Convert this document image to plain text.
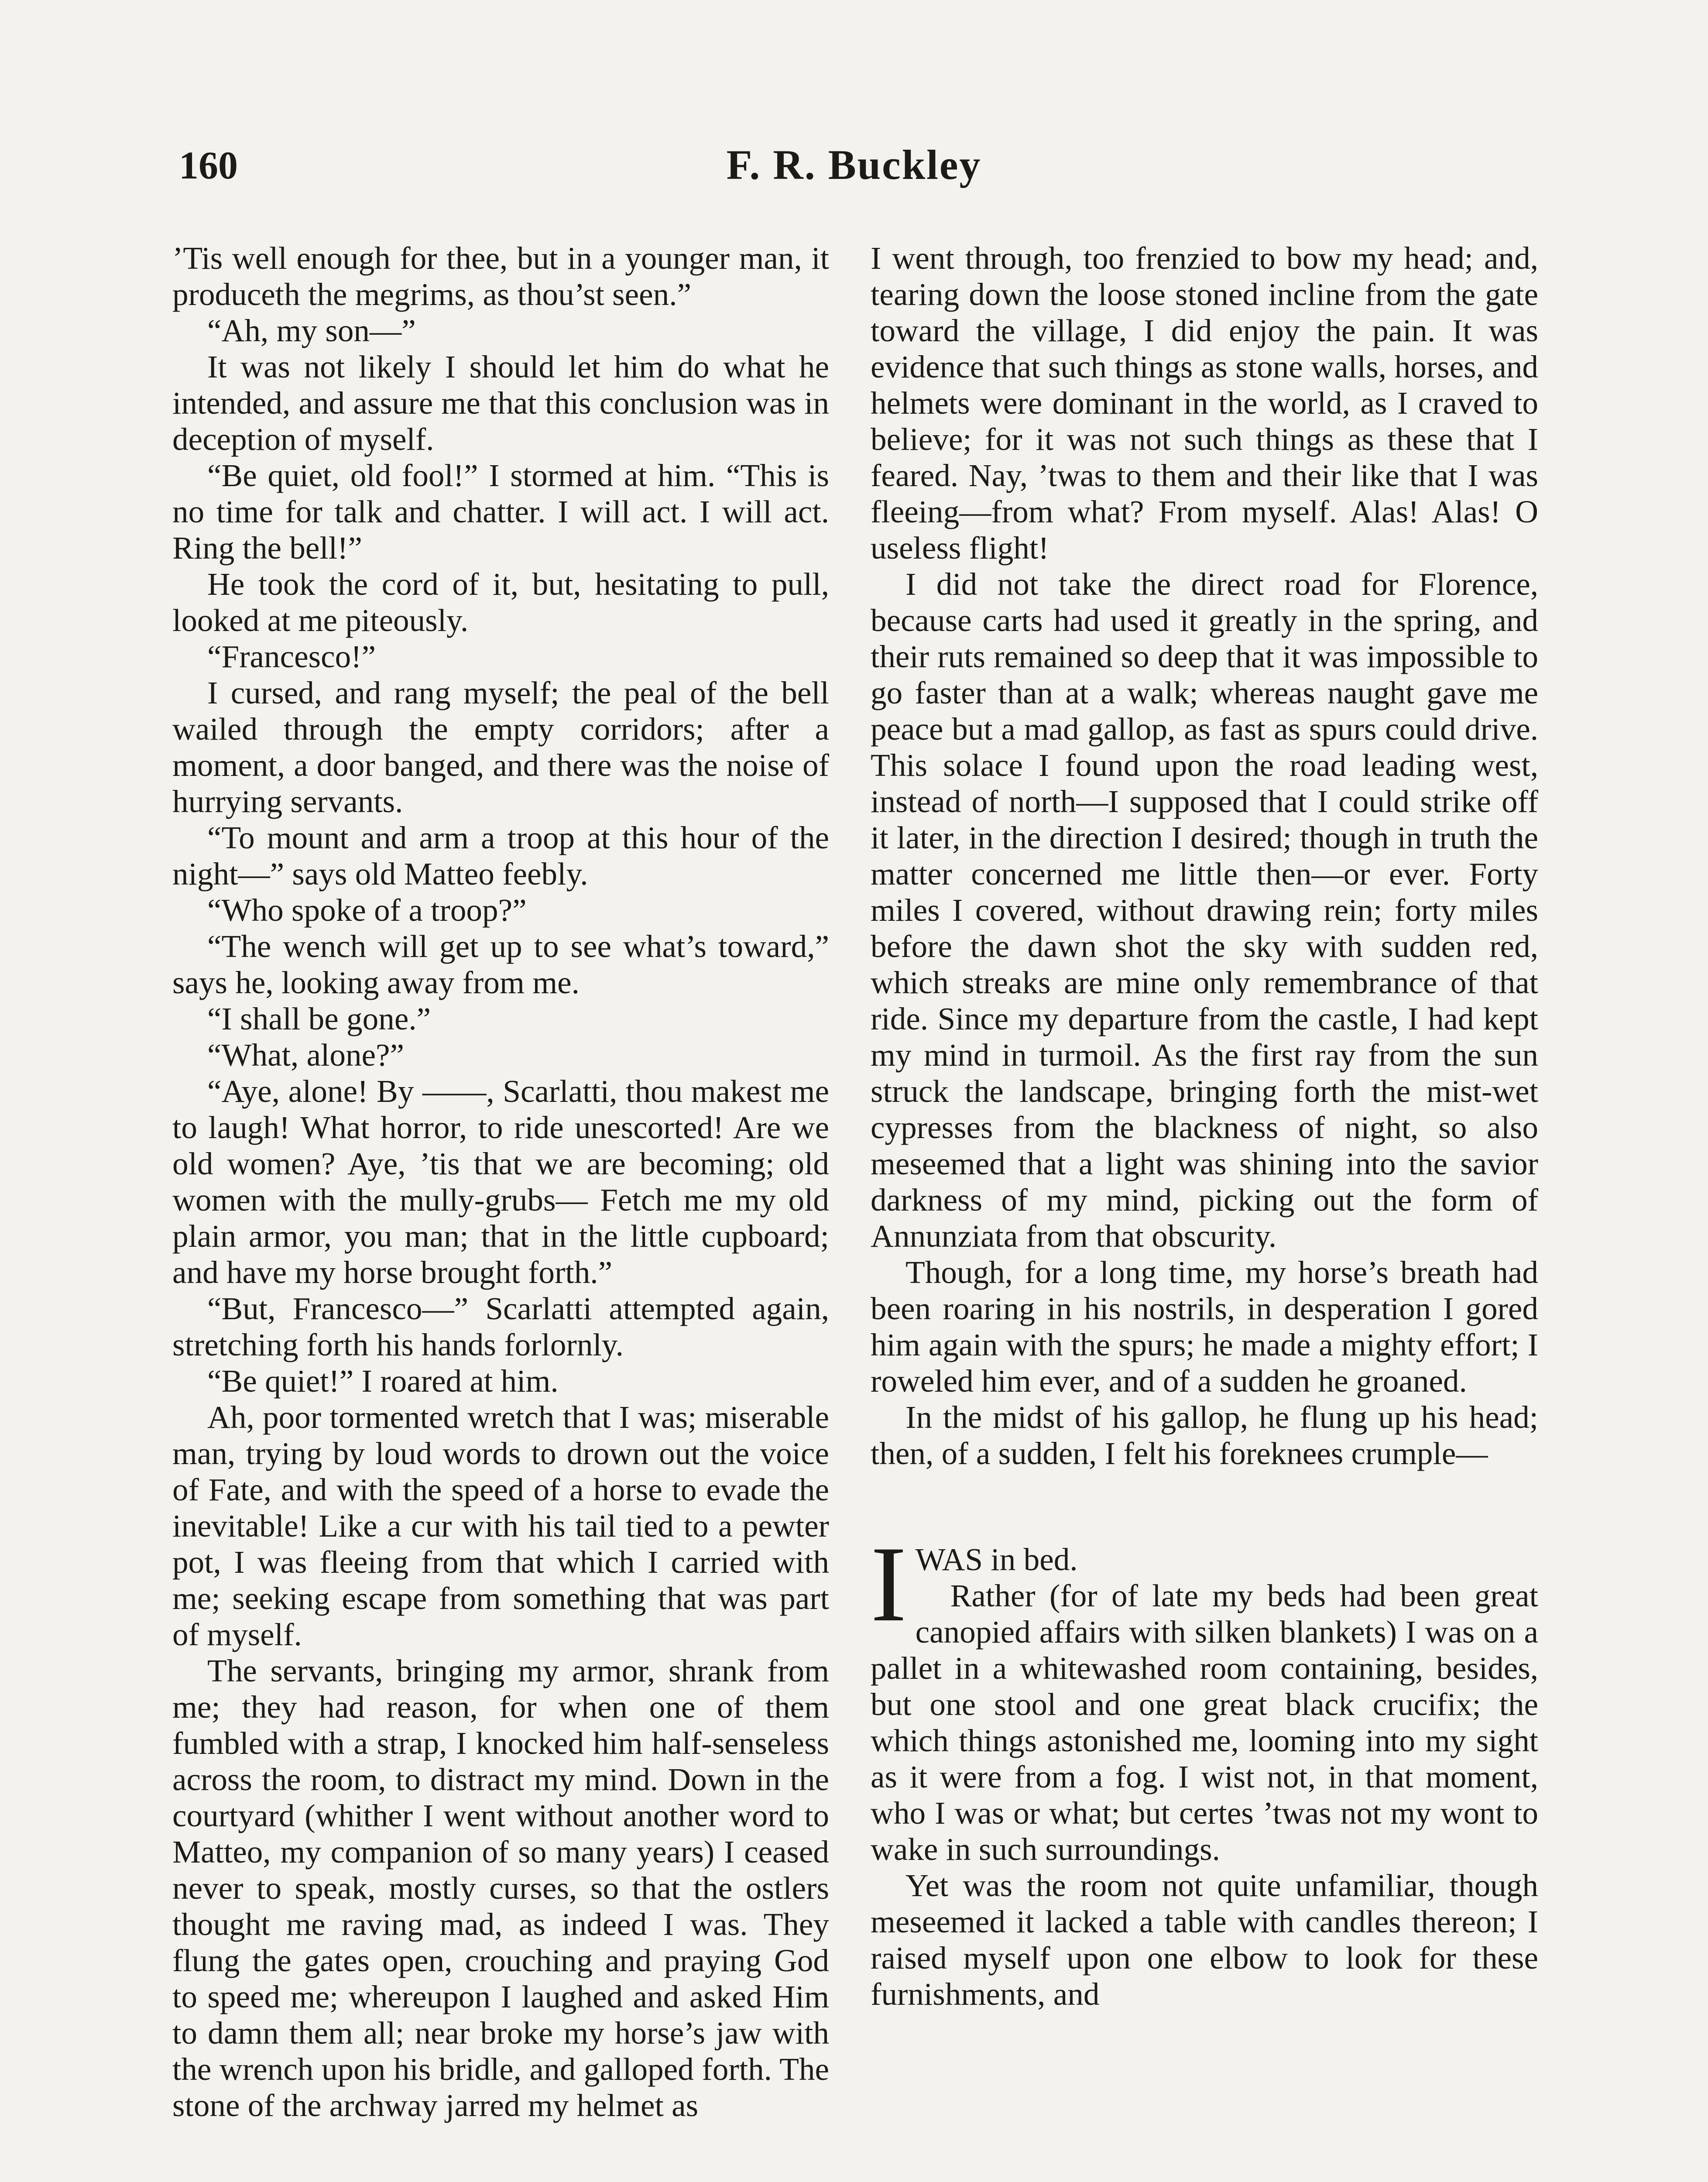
160	F. R. Buckley

’Tis well enough for thee, but in a younger man, it produceth the megrims, as thou’st seen.”

“Ah, my son—”

It was not likely I should let him do what he intended, and assure me that this conclusion was in deception of myself.

“Be quiet, old fool!” I stormed at him. “This is no time for talk and chatter. I will act. I will act. Ring the bell!”

He took the cord of it, but, hesitating to pull, looked at me piteously.

“Francesco!”

I cursed, and rang myself; the peal of the bell wailed through the empty corridors; after a moment, a door banged, and there was the noise of hurrying servants.

“To mount and arm a troop at this hour of the night—” says old Matteo feebly.

“Who spoke of a troop?”

“The wench will get up to see what’s toward,” says he, looking away from me.

“I shall be gone.”

“What, alone?”

“Aye, alone! By ——, Scarlatti, thou makest me to laugh! What horror, to ride unescorted! Are we old women? Aye, ’tis that we are becoming; old women with the mully-grubs— Fetch me my old plain armor, you man; that in the little cupboard; and have my horse brought forth.”

“But, Francesco—” Scarlatti attempted again, stretching forth his hands forlornly.

“Be quiet!” I roared at him.

Ah, poor tormented wretch that I was; miserable man, trying by loud words to drown out the voice of Fate, and with the speed of a horse to evade the inevitable! Like a cur with his tail tied to a pewter pot, I was fleeing from that which I carried with me; seeking escape from something that was part of myself.

The servants, bringing my armor, shrank from me; they had reason, for when one of them fumbled with a strap, I knocked him half-senseless across the room, to distract my mind. Down in the courtyard (whither I went without another word to Matteo, my companion of so many years) I ceased never to speak, mostly curses, so that the ostlers thought me raving mad, as indeed I was. They flung the gates open, crouching and praying God to speed me; whereupon I laughed and asked Him to damn them all; near broke my horse’s jaw with the wrench upon his bridle, and galloped forth. The stone of the archway jarred my helmet as

I went through, too frenzied to bow my head; and, tearing down the loose stoned incline from the gate toward the village, I did enjoy the pain. It was evidence that such things as stone walls, horses, and helmets were dominant in the world, as I craved to believe; for it was not such things as these that I feared. Nay, ’twas to them and their like that I was fleeing—from what? From myself. Alas! Alas! O useless flight!

I did not take the direct road for Florence, because carts had used it greatly in the spring, and their ruts remained so deep that it was impossible to go faster than at a walk; whereas naught gave me peace but a mad gallop, as fast as spurs could drive. This solace I found upon the road leading west, instead of north—I supposed that I could strike off it later, in the direction I desired; though in truth the matter concerned me little then—or ever. Forty miles I covered, without drawing rein; forty miles before the dawn shot the sky with sudden red, which streaks are mine only remembrance of that ride. Since my departure from the castle, I had kept my mind in turmoil. As the first ray from the sun struck the landscape, bringing forth the mist-wet cypresses from the blackness of night, so also meseemed that a light was shining into the savior darkness of my mind, picking out the form of Annunziata from that obscurity.

Though, for a long time, my horse’s breath had been roaring in his nostrils, in desperation I gored him again with the spurs; he made a mighty effort; I roweled him ever, and of a sudden he groaned.

In the midst of his gallop, he flung up his head; then, of a sudden, I felt his foreknees crumple—

IWAS in bed.

Rather (for of late my beds had been great canopied affairs with silken blankets) I was on a pallet in a whitewashed room containing, besides, but one stool and one great black crucifix; the which things astonished me, looming into my sight as it were from a fog. I wist not, in that moment, who I was or what; but certes ’twas not my wont to wake in such surroundings.

Yet was the room not quite unfamiliar, though meseemed it lacked a table with candles thereon; I raised myself upon one elbow to look for these furnishments, and
